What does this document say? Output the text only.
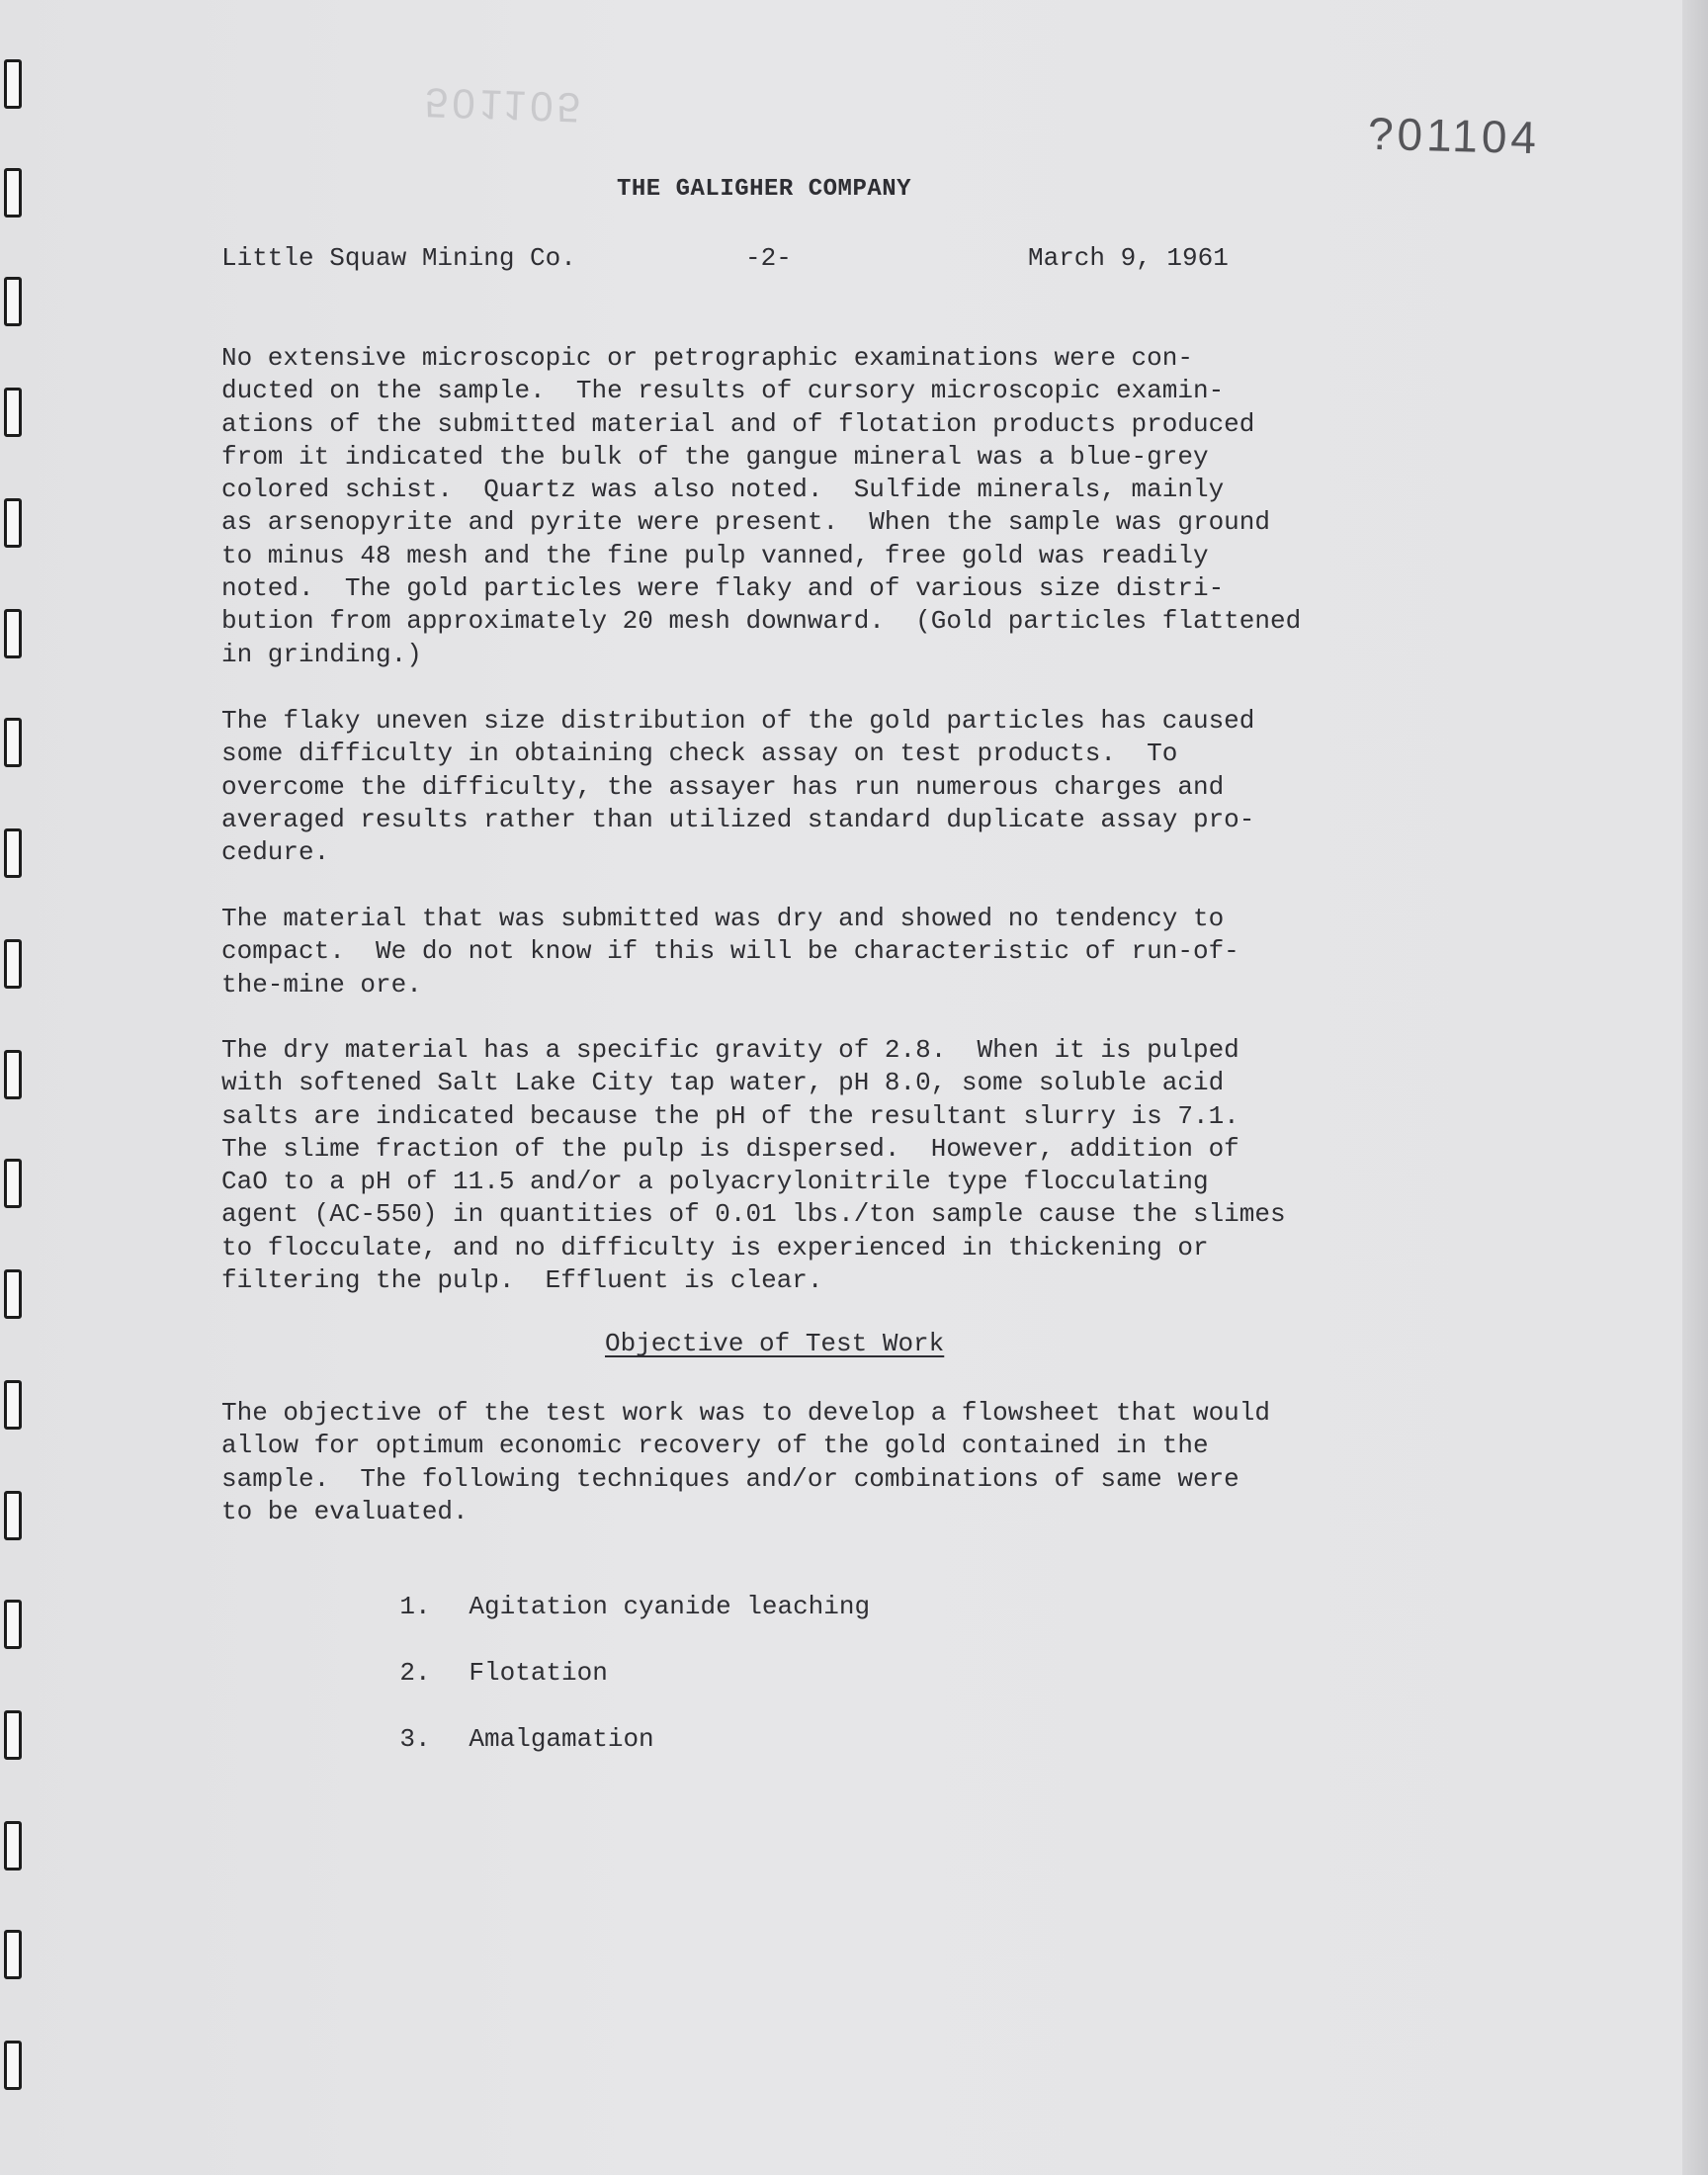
501105
?01104
THE GALIGHER COMPANY
Little Squaw Mining Co.	-2-	March 9, 1961

No extensive microscopic or petrographic examinations were con-
ducted on the sample.  The results of cursory microscopic examin-
ations of the submitted material and of flotation products produced
from it indicated the bulk of the gangue mineral was a blue-grey
colored schist.  Quartz was also noted.  Sulfide minerals, mainly
as arsenopyrite and pyrite were present.  When the sample was ground
to minus 48 mesh and the fine pulp vanned, free gold was readily
noted.  The gold particles were flaky and of various size distri-
bution from approximately 20 mesh downward.  (Gold particles flattened
in grinding.)

The flaky uneven size distribution of the gold particles has caused
some difficulty in obtaining check assay on test products.  To
overcome the difficulty, the assayer has run numerous charges and
averaged results rather than utilized standard duplicate assay pro-
cedure.

The material that was submitted was dry and showed no tendency to
compact.  We do not know if this will be characteristic of run-of-
the-mine ore.

The dry material has a specific gravity of 2.8.  When it is pulped
with softened Salt Lake City tap water, pH 8.0, some soluble acid
salts are indicated because the pH of the resultant slurry is 7.1.
The slime fraction of the pulp is dispersed.  However, addition of
CaO to a pH of 11.5 and/or a polyacrylonitrile type flocculating
agent (AC-550) in quantities of 0.01 lbs./ton sample cause the slimes
to flocculate, and no difficulty is experienced in thickening or
filtering the pulp.  Effluent is clear.

Objective of Test Work

The objective of the test work was to develop a flowsheet that would
allow for optimum economic recovery of the gold contained in the
sample.  The following techniques and/or combinations of same were
to be evaluated.

1. Agitation cyanide leaching

2. Flotation

3. Amalgamation
